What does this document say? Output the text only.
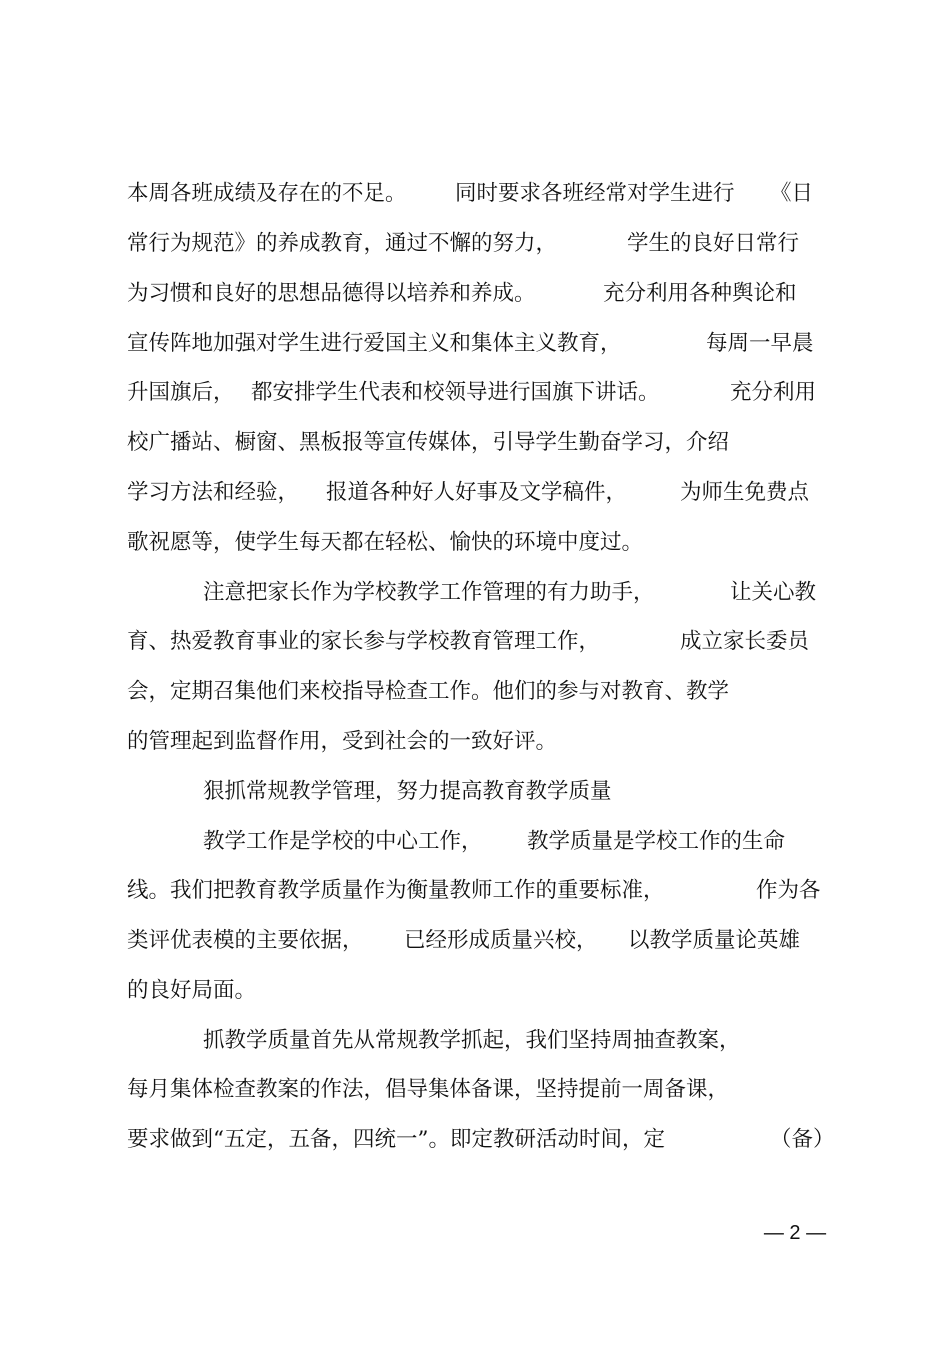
本周各班成绩及存在的不足。 同时要求各班经常对学生进行 《日
常行为规范》的养成教育，通过不懈的努力，	学生的良好日常行
为习惯和良好的思想品德得以培养和养成。	充分利用各种舆论和
宣传阵地加强对学生进行爱国主义和集体主义教育，	每周一早晨
升国旗后， 都安排学生代表和校领导进行国旗下讲话。	充分利用
校广播站、橱窗、黑板报等宣传媒体，引导学生勤奋学习，介绍
学习方法和经验， 报道各种好人好事及文学稿件， 为师生免费点
歌祝愿等，使学生每天都在轻松、愉快的环境中度过。
注意把家长作为学校教学工作管理的有力助手，	让关心教
育、热爱教育事业的家长参与学校教育管理工作，	成立家长委员
会，定期召集他们来校指导检查工作。他们的参与对教育、教学
的管理起到监督作用，受到社会的一致好评。
狠抓常规教学管理，努力提高教育教学质量
教学工作是学校的中心工作， 教学质量是学校工作的生命
线。我们把教育教学质量作为衡量教师工作的重要标准，	作为各
类评优表模的主要依据， 已经形成质量兴校， 以教学质量论英雄
的良好局面。
抓教学质量首先从常规教学抓起，我们坚持周抽查教案，
每月集体检查教案的作法，倡导集体备课，坚持提前一周备课，
要求做到“五定，五备，四统一”。即定教研活动时间，定	（备）
— 2 —
